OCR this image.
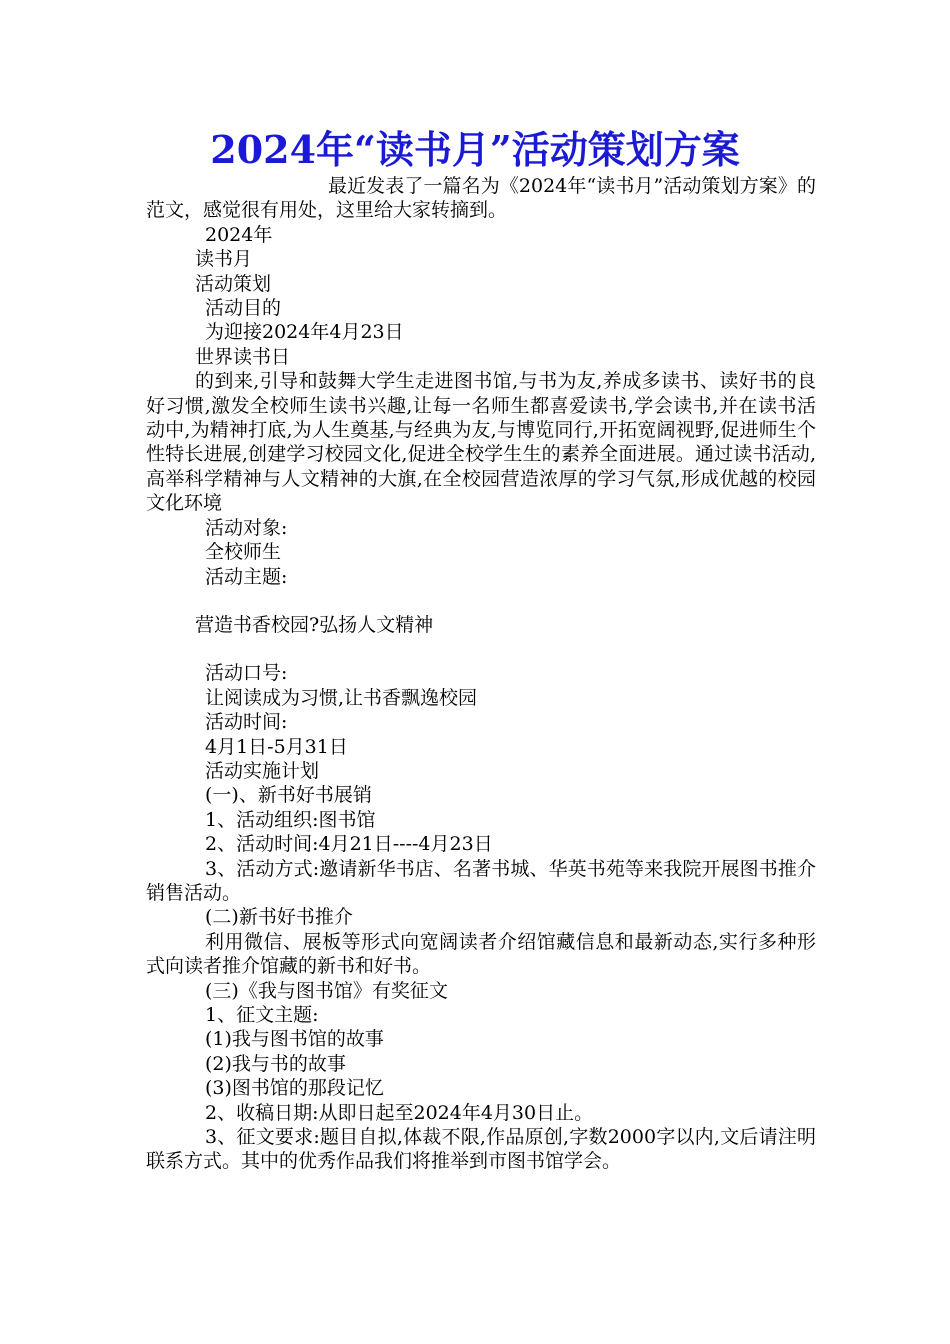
2024年“读书月”活动策划方案
最近发表了一篇名为《2024年“读书月”活动策划方案》的范文，感觉很有用处，这里给大家转摘到。
2024年
读书月
活动策划
活动目的
为迎接2024年4月23日
世界读书日
的到来,引导和鼓舞大学生走进图书馆,与书为友,养成多读书、读好书的良好习惯,激发全校师生读书兴趣,让每一名师生都喜爱读书,学会读书,并在读书活动中,为精神打底,为人生奠基,与经典为友,与博览同行,开拓宽阔视野,促进师生个性特长进展,创建学习校园文化,促进全校学生生的素养全面进展。通过读书活动,高举科学精神与人文精神的大旗,在全校园营造浓厚的学习气氛,形成优越的校园文化环境
活动对象:
全校师生
活动主题:
营造书香校园?弘扬人文精神
活动口号:
让阅读成为习惯,让书香飘逸校园
活动时间:
4月1日-5月31日
活动实施计划
(一)、新书好书展销
1、活动组织:图书馆
2、活动时间:4月21日----4月23日
3、活动方式:邀请新华书店、名著书城、华英书苑等来我院开展图书推介销售活动。
(二)新书好书推介
利用微信、展板等形式向宽阔读者介绍馆藏信息和最新动态,实行多种形式向读者推介馆藏的新书和好书。
(三)《我与图书馆》有奖征文
1、征文主题:
(1)我与图书馆的故事
(2)我与书的故事
(3)图书馆的那段记忆
2、收稿日期:从即日起至2024年4月30日止。
3、征文要求:题目自拟,体裁不限,作品原创,字数2000字以内,文后请注明联系方式。其中的优秀作品我们将推举到市图书馆学会。
